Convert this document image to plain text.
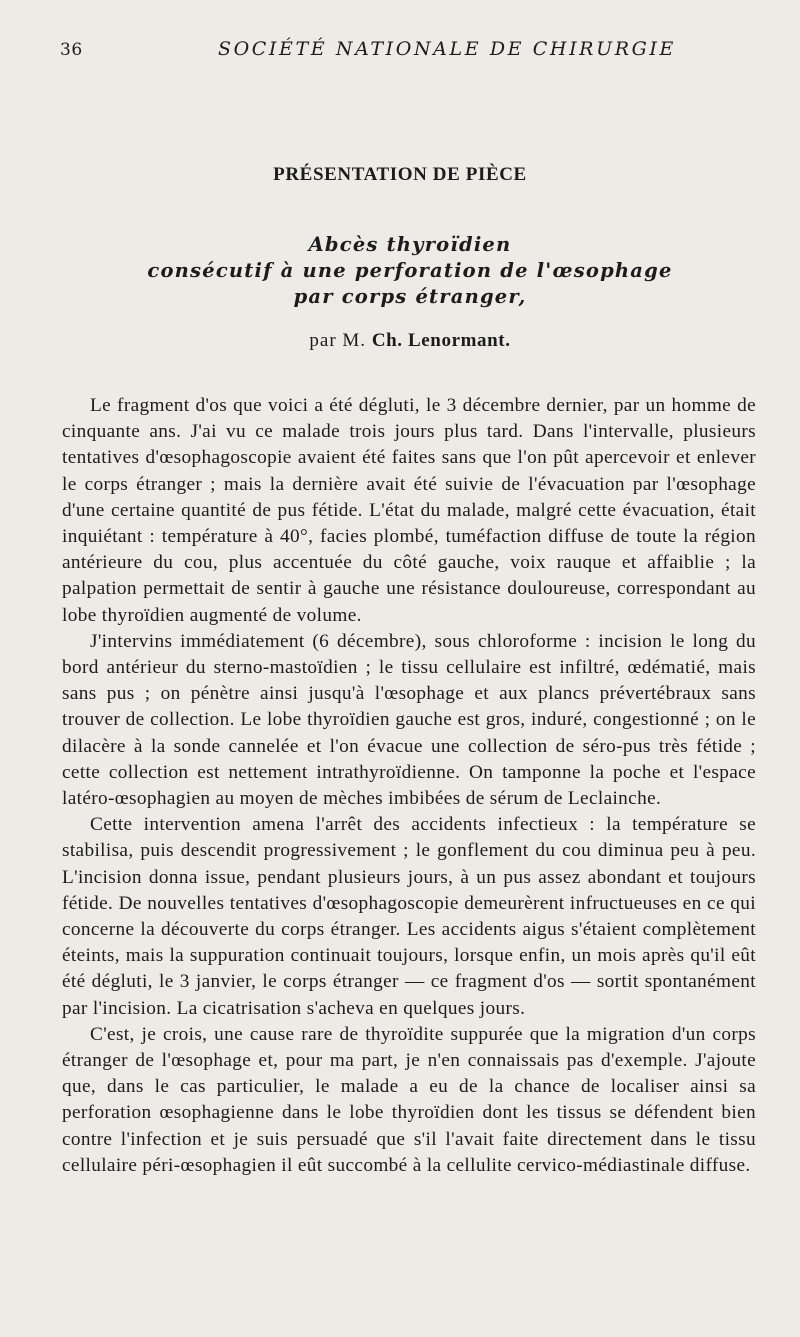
36	SOCIÉTÉ NATIONALE DE CHIRURGIE
PRÉSENTATION DE PIÈCE
Abcès thyroïdien
consécutif à une perforation de l'œsophage
par corps étranger,
par M. Ch. Lenormant.

Le fragment d'os que voici a été dégluti, le 3 décembre dernier, par un homme de cinquante ans. J'ai vu ce malade trois jours plus tard. Dans l'intervalle, plusieurs tentatives d'œsophagoscopie avaient été faites sans que l'on pût apercevoir et enlever le corps étranger ; mais la dernière avait été suivie de l'évacuation par l'œsophage d'une certaine quantité de pus fétide. L'état du malade, malgré cette évacuation, était inquiétant : température à 40°, facies plombé, tuméfaction diffuse de toute la région antérieure du cou, plus accentuée du côté gauche, voix rauque et affaiblie ; la palpation permettait de sentir à gauche une résistance douloureuse, correspondant au lobe thyroïdien augmenté de volume.

J'intervins immédiatement (6 décembre), sous chloroforme : incision le long du bord antérieur du sterno-mastoïdien ; le tissu cellulaire est infiltré, œdématié, mais sans pus ; on pénètre ainsi jusqu'à l'œsophage et aux plancs prévertébraux sans trouver de collection. Le lobe thyroïdien gauche est gros, induré, congestionné ; on le dilacère à la sonde cannelée et l'on évacue une collection de séro-pus très fétide ; cette collection est nettement intrathyroïdienne. On tamponne la poche et l'espace latéro-œsophagien au moyen de mèches imbibées de sérum de Leclainche.

Cette intervention amena l'arrêt des accidents infectieux : la température se stabilisa, puis descendit progressivement ; le gonflement du cou diminua peu à peu. L'incision donna issue, pendant plusieurs jours, à un pus assez abondant et toujours fétide. De nouvelles tentatives d'œsophagoscopie demeurèrent infructueuses en ce qui concerne la découverte du corps étranger. Les accidents aigus s'étaient complètement éteints, mais la suppuration continuait toujours, lorsque enfin, un mois après qu'il eût été dégluti, le 3 janvier, le corps étranger — ce fragment d'os — sortit spontanément par l'incision. La cicatrisation s'acheva en quelques jours.

C'est, je crois, une cause rare de thyroïdite suppurée que la migration d'un corps étranger de l'œsophage et, pour ma part, je n'en connaissais pas d'exemple. J'ajoute que, dans le cas particulier, le malade a eu de la chance de localiser ainsi sa perforation œsophagienne dans le lobe thyroïdien dont les tissus se défendent bien contre l'infection et je suis persuadé que s'il l'avait faite directement dans le tissu cellulaire péri-œsophagien il eût succombé à la cellulite cervico-médiastinale diffuse.
